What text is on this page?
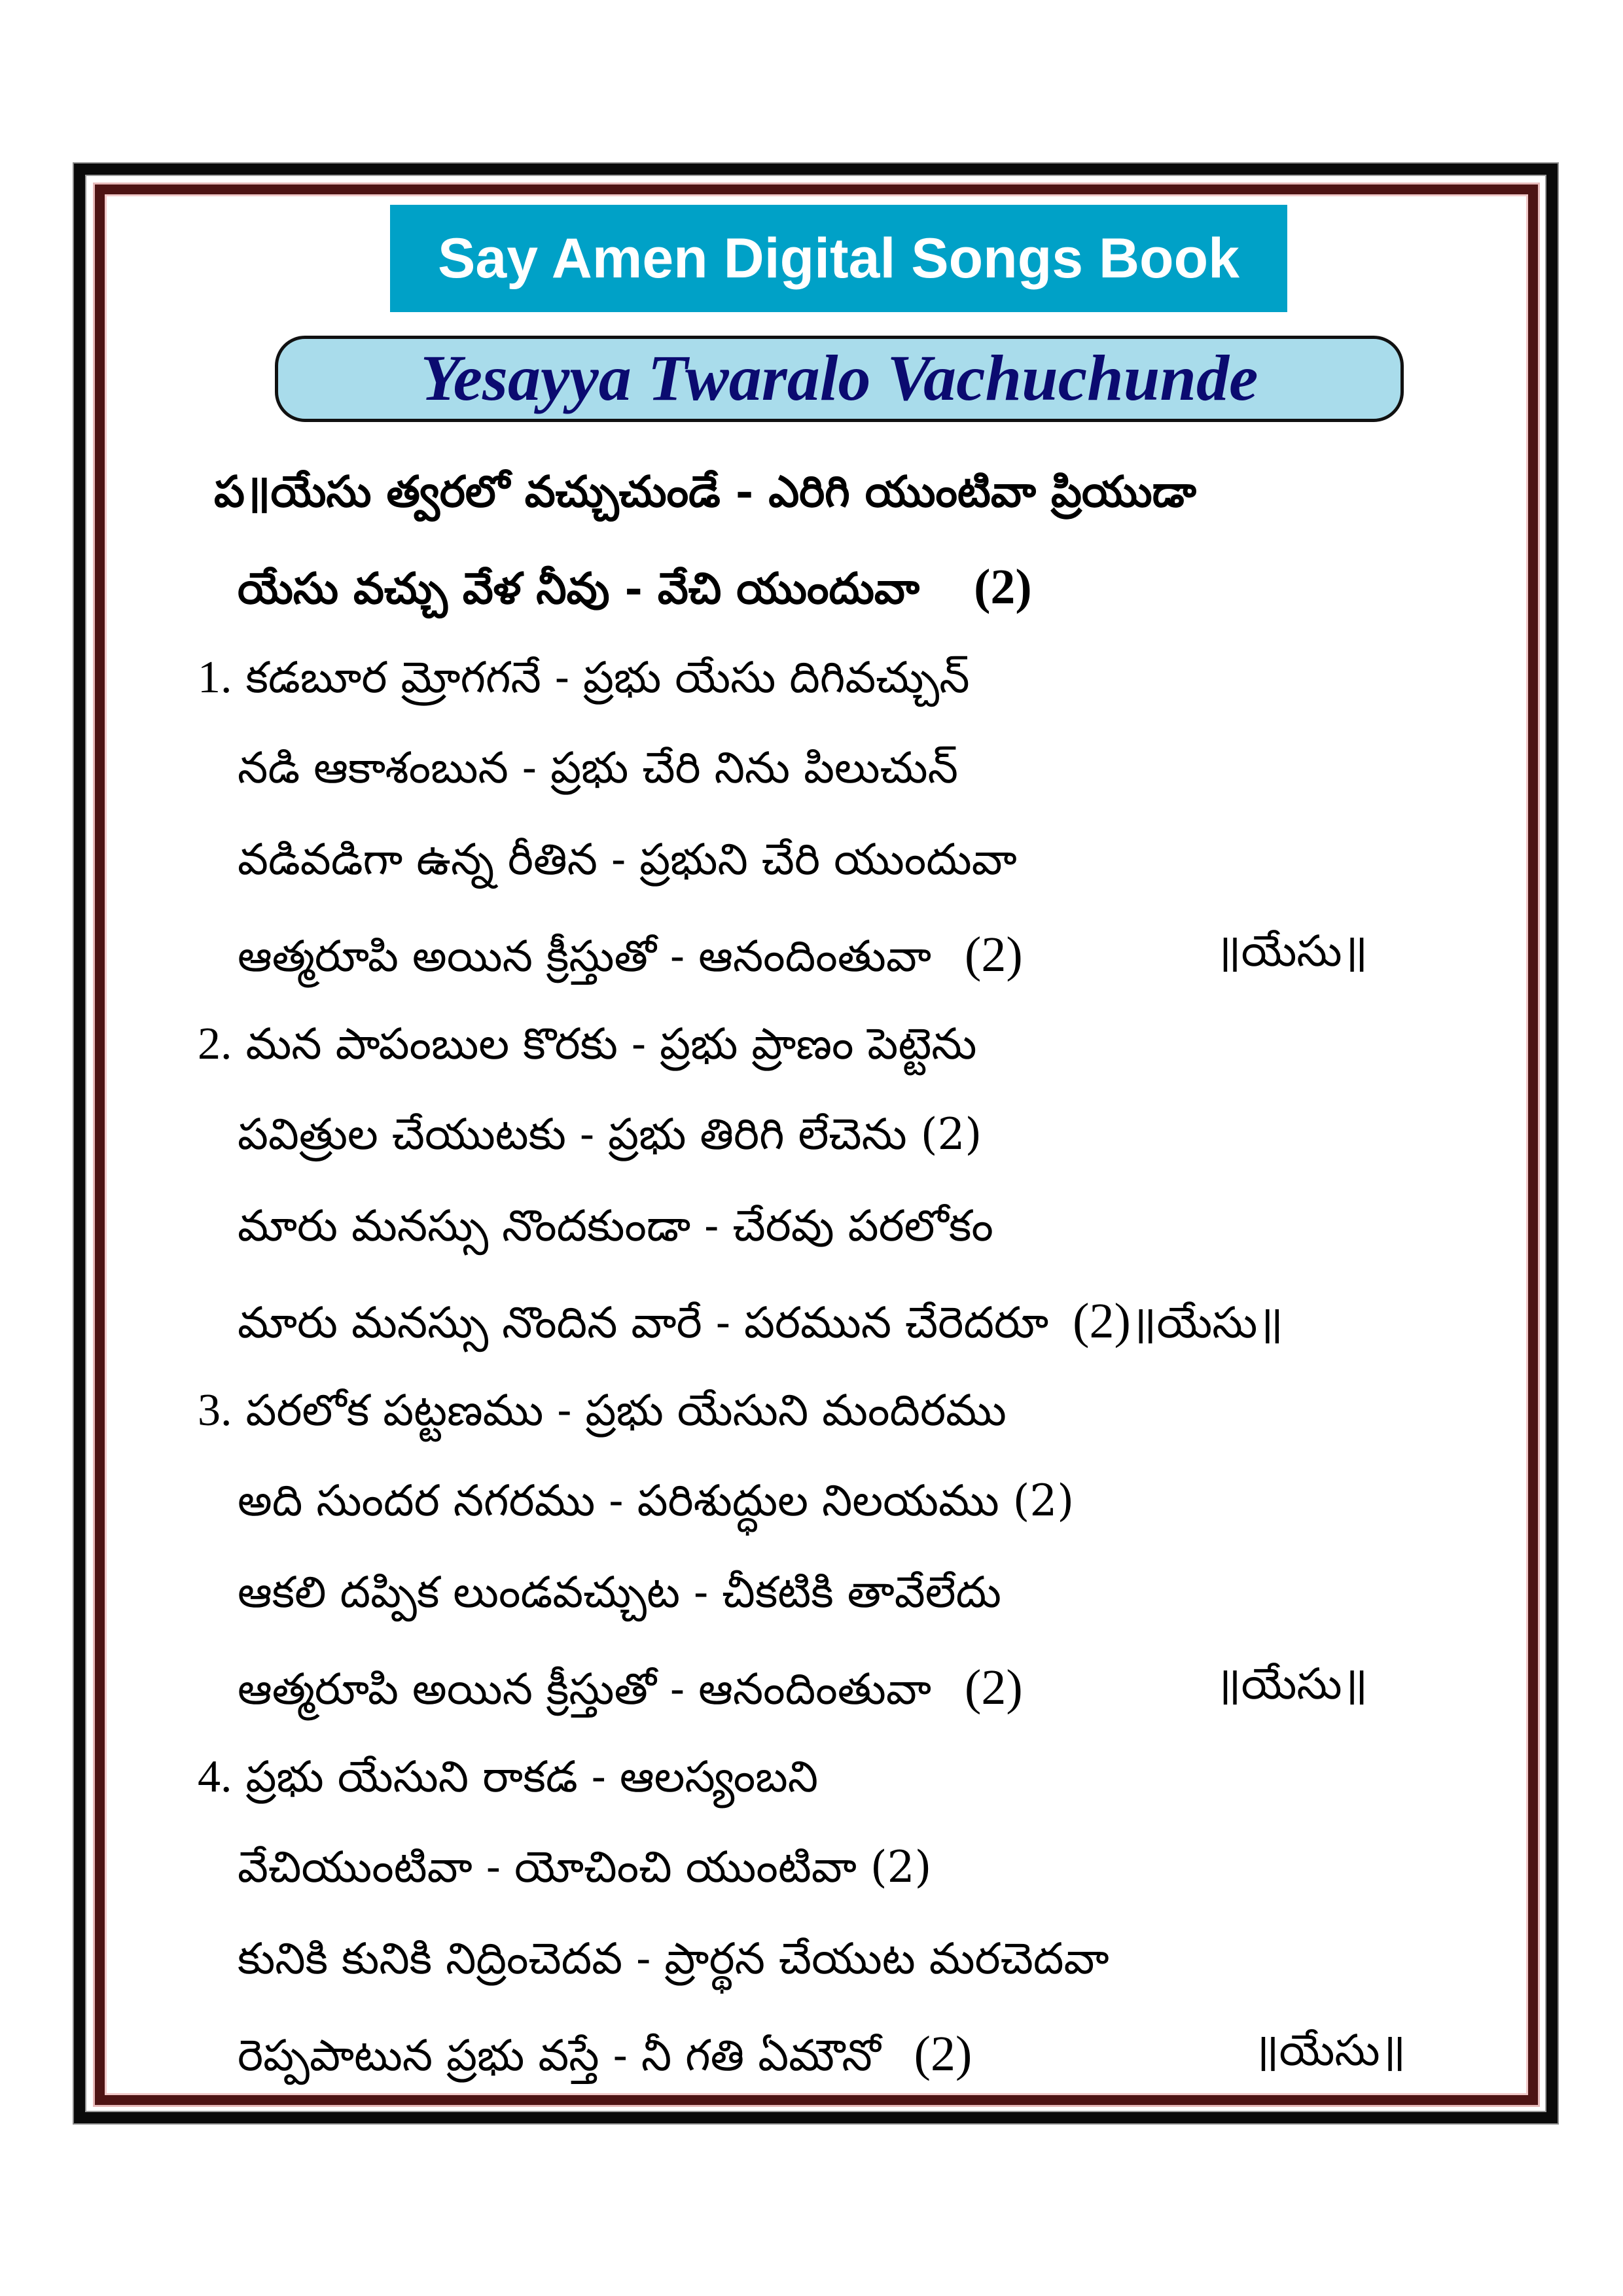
Say Amen Digital Songs Book
Yesayya Twaralo Vachuchunde
ప॥యేసు త్వరలో వచ్చుచుండే - ఎరిగి యుంటివా ప్రియుడా
యేసు వచ్చు వేళ నీవు - వేచి యుందువా (2)
1. కడబూర మ్రోగగనే - ప్రభు యేసు దిగివచ్చున్
నడి ఆకాశంబున - ప్రభు చేరి నిను పిలుచున్
వడివడిగా ఉన్న రీతిన - ప్రభుని చేరి యుందువా
ఆత్మరూపి అయిన క్రీస్తుతో - ఆనందింతువా (2)	॥యేసు॥
2. మన పాపంబుల కొరకు - ప్రభు ప్రాణం పెట్టెను
పవిత్రుల చేయుటకు - ప్రభు తిరిగి లేచెను (2)
మారు మనస్సు నొందకుండా - చేరవు పరలోకం
మారు మనస్సు నొందిన వారే - పరమున చేరెదరూ (2)॥యేసు॥
3. పరలోక పట్టణము - ప్రభు యేసుని మందిరము
అది సుందర నగరము - పరిశుద్ధుల నిలయము (2)
ఆకలి దప్పిక లుండవచ్చుట - చీకటికి తావేలేదు
ఆత్మరూపి అయిన క్రీస్తుతో - ఆనందింతువా (2)	॥యేసు॥
4. ప్రభు యేసుని రాకడ - ఆలస్యంబని
వేచియుంటివా - యోచించి యుంటివా (2)
కునికి కునికి నిద్రించెదవ - ప్రార్థన చేయుట మరచెదవా
రెప్పపాటున ప్రభు వస్తే - నీ గతి ఏమౌనో (2)	॥యేసు॥
